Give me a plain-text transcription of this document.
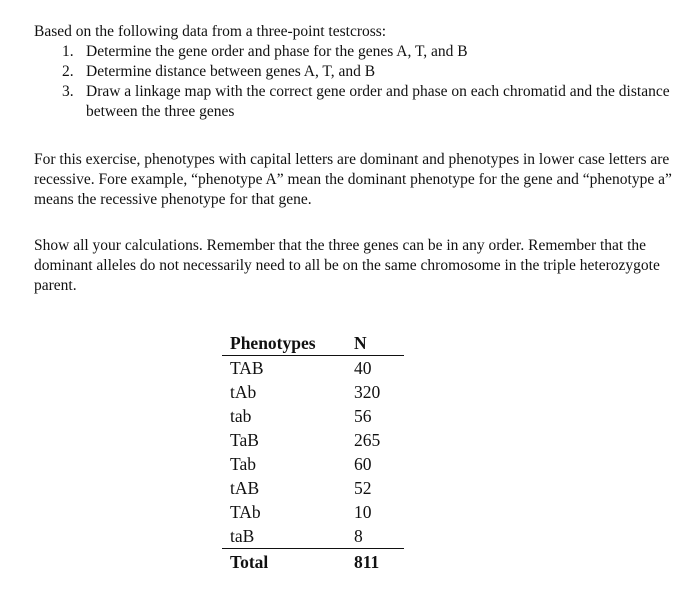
Based on the following data from a three-point testcross:
1. Determine the gene order and phase for the genes A, T, and B
2. Determine distance between genes A, T, and B
3. Draw a linkage map with the correct gene order and phase on each chromatid and the distance between the three genes
For this exercise, phenotypes with capital letters are dominant and phenotypes in lower case letters are recessive. Fore example, “phenotype A” mean the dominant phenotype for the gene and “phenotype a” means the recessive phenotype for that gene.
Show all your calculations. Remember that the three genes can be in any order. Remember that the dominant alleles do not necessarily need to all be on the same chromosome in the triple heterozygote parent.
Phenotypes	N
TAB	40
tAb	320
tab	56
TaB	265
Tab	60
tAB	52
TAb	10
taB	8
Total	811
